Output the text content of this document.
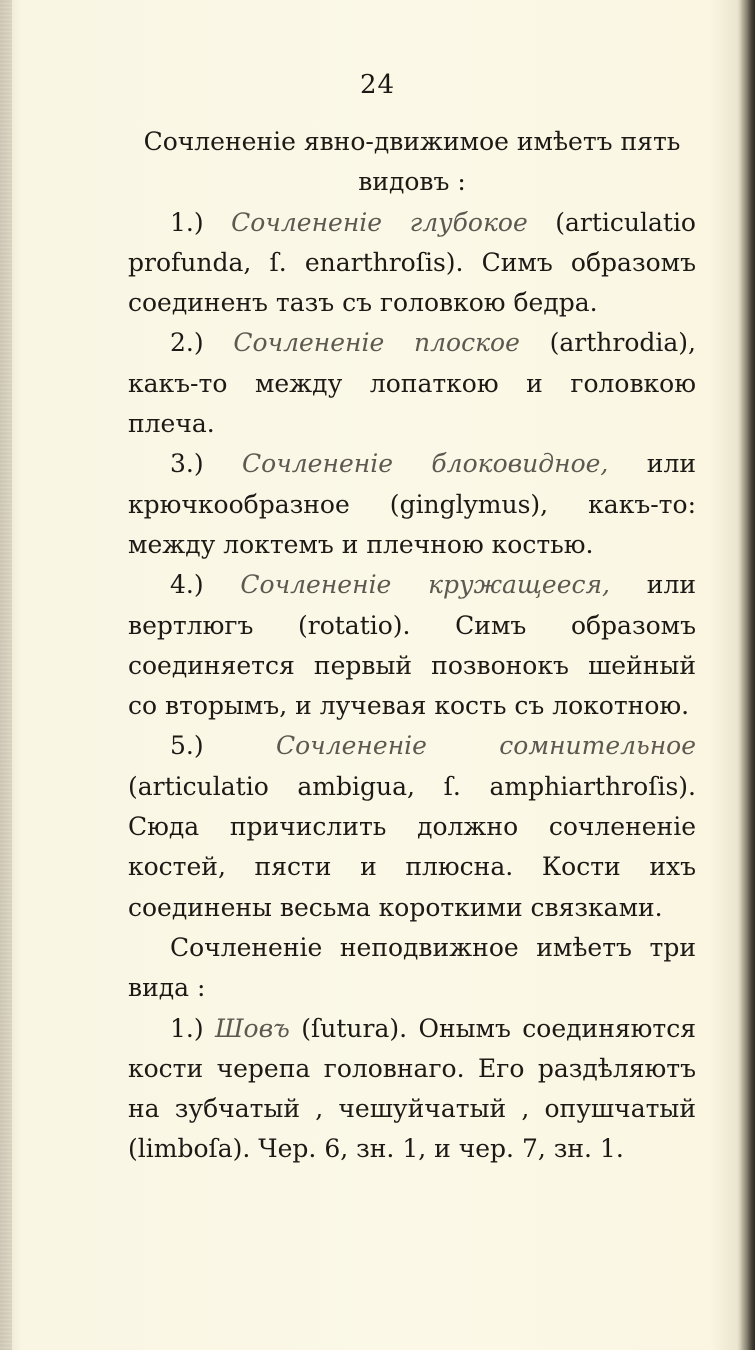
24

Сочлененіе явно-движимое имѣетъ пять видовъ :

1.) Сочлененіе глубокое (articulatio profunda, ſ. enarthroſis). Симъ образомъ соединенъ тазъ съ головкою бедра.

2.) Сочлененіе плоское (arthrodia), какъ-то между лопаткою и головкою плеча.

3.) Сочлененіе блоковидное, или крючкообразное (ginglymus), какъ-то: между локтемъ и плечною костью.

4.) Сочлененіе кружащееся, или вертлюгъ (rotatio). Симъ образомъ соединяется первый позвонокъ шейный со вторымъ, и лучевая кость съ локотною.

5.)	Сочлененіе сомнительное (articulatio ambigua, ſ. amphiarthroſis). Сюда причислить должно сочлененіе костей, пясти и плюсна. Кости ихъ соединены весьма короткими связками.

Сочлененіе неподвижное имѣетъ три вида :

1.) Шовъ (ſutura). Онымъ соединяются кости черепа головнаго. Его раздѣляютъ на зубчатый , чешуйчатый , опушчатый (limboſa). Чер. 6, зн. 1, и чер. 7, зн. 1.
